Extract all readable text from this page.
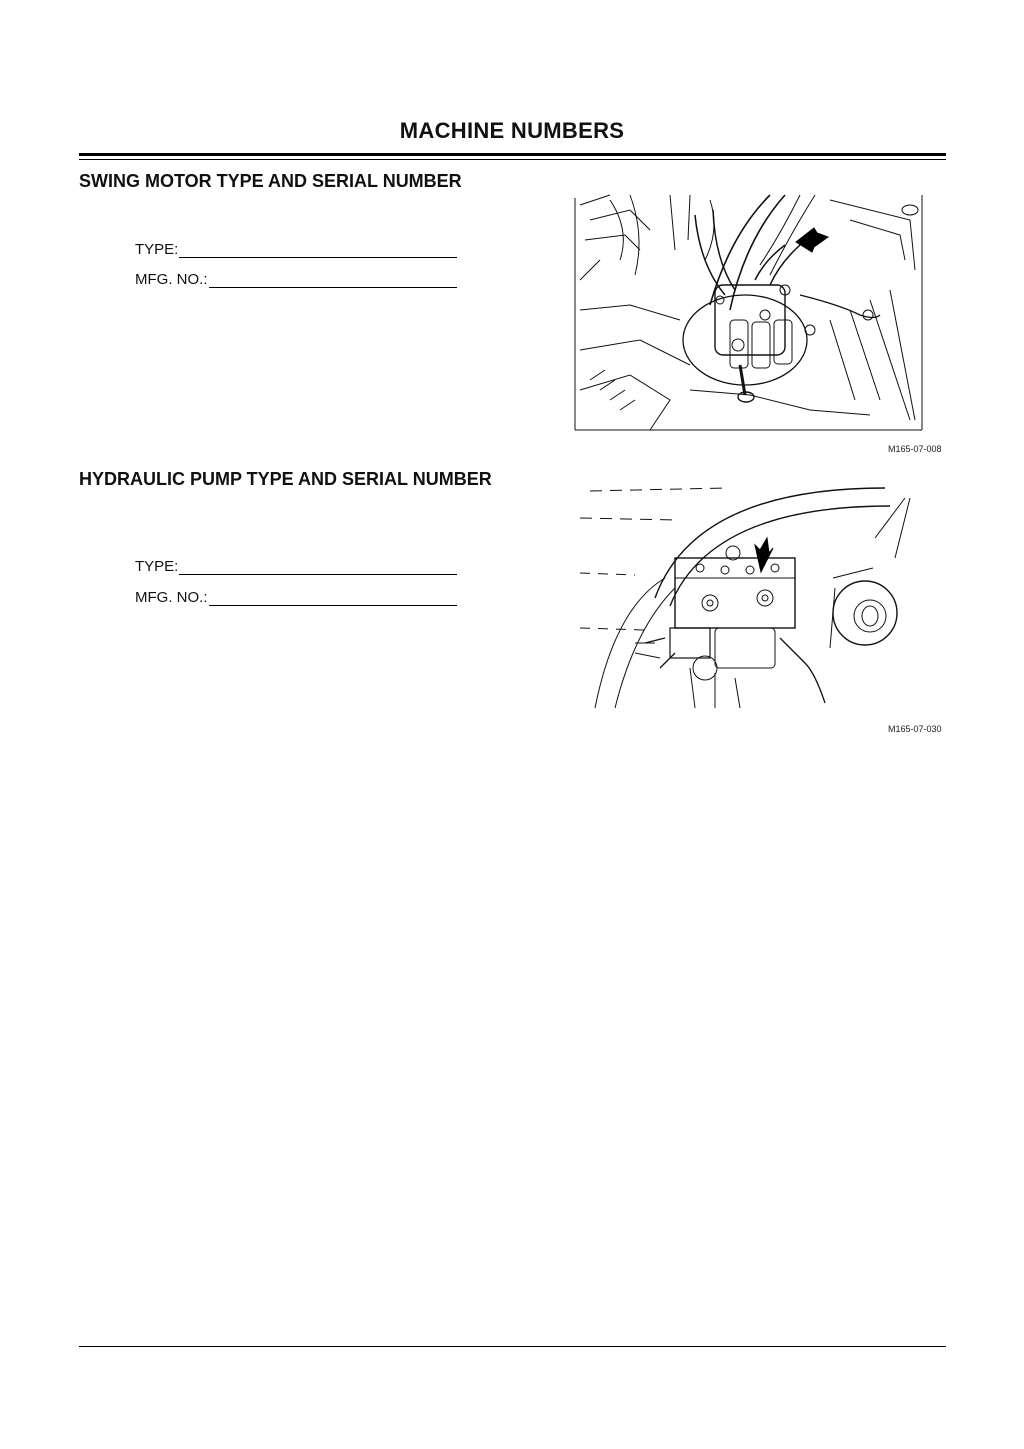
MACHINE NUMBERS
SWING MOTOR TYPE AND SERIAL NUMBER
TYPE:
MFG. NO.:
M165-07-008
HYDRAULIC PUMP TYPE AND SERIAL NUMBER
TYPE:
MFG. NO.:
M165-07-030
